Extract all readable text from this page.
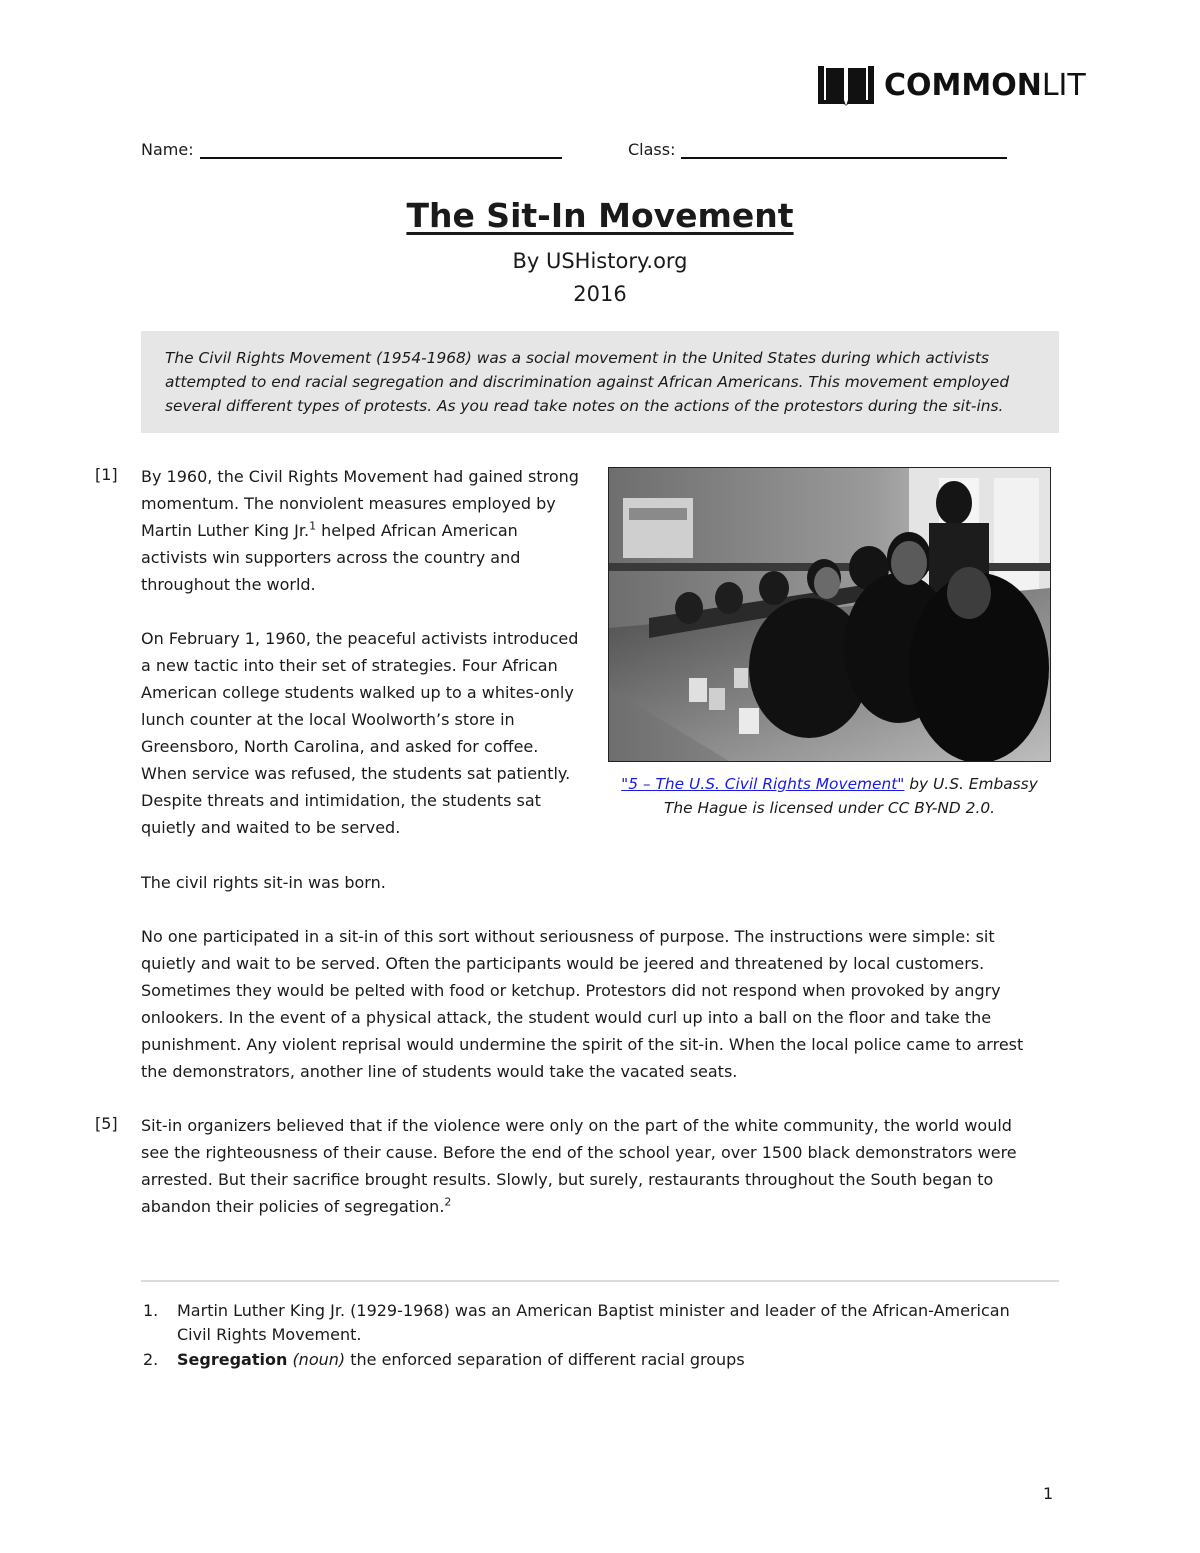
COMMONLIT
Name:	Class:
The Sit-In Movement
By USHistory.org
2016
The Civil Rights Movement (1954-1968) was a social movement in the United States during which activists attempted to end racial segregation and discrimination against African Americans. This movement employed several different types of protests. As you read take notes on the actions of the protestors during the sit-ins.
[1] By 1960, the Civil Rights Movement had gained strong
momentum. The nonviolent measures employed by
Martin Luther King Jr.$^1$ helped African American
activists win supporters across the country and
throughout the world.
On February 1, 1960, the peaceful activists introduced
a new tactic into their set of strategies. Four African
American college students walked up to a whites-only
lunch counter at the local Woolworth’s store in
Greensboro, North Carolina, and asked for coffee.
When service was refused, the students sat patiently.
Despite threats and intimidation, the students sat
quietly and waited to be served.
"5 – The U.S. Civil Rights Movement" by U.S. Embassy
The Hague is licensed under CC BY-ND 2.0.
The civil rights sit-in was born.
No one participated in a sit-in of this sort without seriousness of purpose. The instructions were simple: sit
quietly and wait to be served. Often the participants would be jeered and threatened by local customers.
Sometimes they would be pelted with food or ketchup. Protestors did not respond when provoked by angry
onlookers. In the event of a physical attack, the student would curl up into a ball on the floor and take the
punishment. Any violent reprisal would undermine the spirit of the sit-in. When the local police came to arrest
the demonstrators, another line of students would take the vacated seats.
[5] Sit-in organizers believed that if the violence were only on the part of the white community, the world would
see the righteousness of their cause. Before the end of the school year, over 1500 black demonstrators were
arrested. But their sacrifice brought results. Slowly, but surely, restaurants throughout the South began to
abandon their policies of segregation.$^2$
1. Martin Luther King Jr. (1929-1968) was an American Baptist minister and leader of the African-American
Civil Rights Movement.
2. Segregation (noun) the enforced separation of different racial groups
1
